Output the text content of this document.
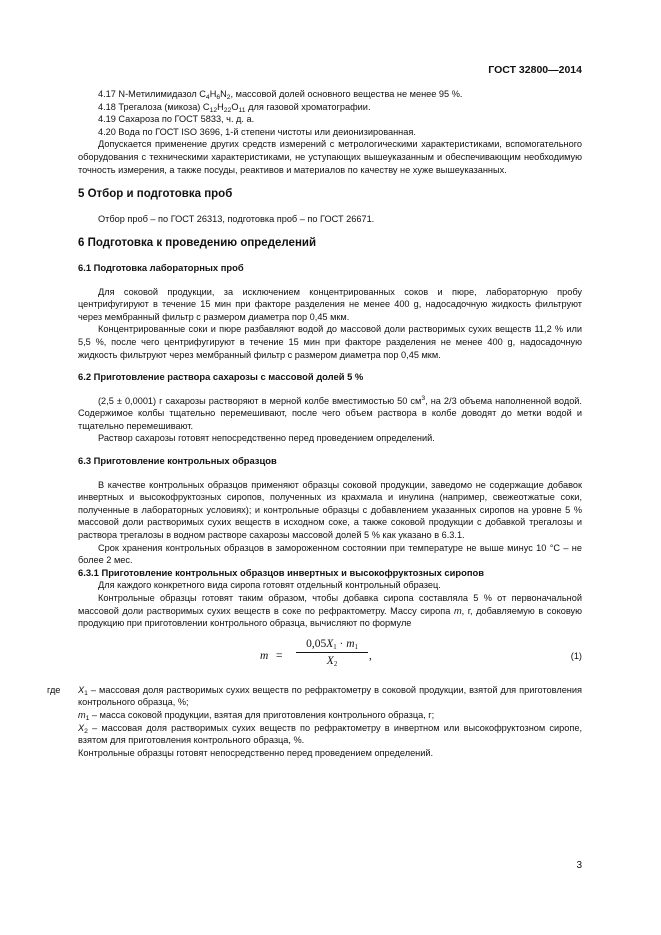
ГОСТ 32800—2014

4.17 N-Метилимидазол $С_4Н_6N_2$, массовой долей основного вещества не менее 95 %.

4.18 Трегалоза (микоза) $С_{12}Н_{22}О_{11}$ для газовой хроматографии.

4.19 Сахароза по ГОСТ 5833, ч. д. а.

4.20 Вода по ГОСТ ISO 3696, 1-й степени чистоты или деионизированная.

Допускается применение других средств измерений с метрологическими характеристиками, вспомогательного оборудования с техническими характеристиками, не уступающих вышеуказанным и обеспечивающим необходимую точность измерения, а также посуды, реактивов и материалов по качеству не хуже вышеуказанных.

5 Отбор и подготовка проб

Отбор проб – по ГОСТ 26313, подготовка проб – по ГОСТ 26671.

6 Подготовка к проведению определений
6.1 Подготовка лабораторных проб

Для соковой продукции, за исключением концентрированных соков и пюре, лабораторную пробу центрифугируют в течение 15 мин при факторе разделения не менее 400 g, надосадочную жидкость фильтруют через мембранный фильтр с размером диаметра пор 0,45 мкм.

Концентрированные соки и пюре разбавляют водой до массовой доли растворимых сухих веществ 11,2 % или 5,5 %, после чего центрифугируют в течение 15 мин при факторе разделения не менее 400 g, надосадочную жидкость фильтруют через мембранный фильтр с размером диаметра пор 0,45 мкм.

6.2 Приготовление раствора сахарозы с массовой долей 5 %

(2,5 ± 0,0001) г сахарозы растворяют в мерной колбе вместимостью 50 $см^3$, на 2/3 объема наполненной водой. Содержимое колбы тщательно перемешивают, после чего объем раствора в колбе доводят до метки водой и тщательно перемешивают.

Раствор сахарозы готовят непосредственно перед проведением определений.

6.3 Приготовление контрольных образцов

В качестве контрольных образцов применяют образцы соковой продукции, заведомо не содержащие добавок инвертных и высокофруктозных сиропов, полученных из крахмала и инулина (например, свежеотжатые соки, полученные в лабораторных условиях); и контрольные образцы с добавлением указанных сиропов на уровне 5 % массовой доли растворимых сухих веществ в исходном соке, а также соковой продукции с добавкой трегалозы и раствора трегалозы в водном растворе сахарозы массовой долей 5 % как указано в 6.3.1.

Срок хранения контрольных образцов в замороженном состоянии при температуре не выше минус 10 °С – не более 2 мес.

6.3.1 Приготовление контрольных образцов инвертных и высокофруктозных сиропов

Для каждого конкретного вида сиропа готовят отдельный контрольный образец.

Контрольные образцы готовят таким образом, чтобы добавка сиропа составляла 5 % от первоначальной массовой доли растворимых сухих веществ в соке по рефрактометру. Массу сиропа m, г, добавляемую в соковую продукцию при приготовлении контрольного образца, вычисляют по формуле

$m = \frac{0,05X_1 \cdot m_1}{X_2}$ ,	(1)
где $X_1$ – массовая доля растворимых сухих веществ по рефрактометру в соковой продукции, взятой для приготовления контрольного образца, %;

$m_1$ – масса соковой продукции, взятая для приготовления контрольного образца, г;

$X_2$ – массовая доля растворимых сухих веществ по рефрактометру в инвертном или высокофруктозном сиропе, взятом для приготовления контрольного образца, %.

Контрольные образцы готовят непосредственно перед проведением определений.

3
